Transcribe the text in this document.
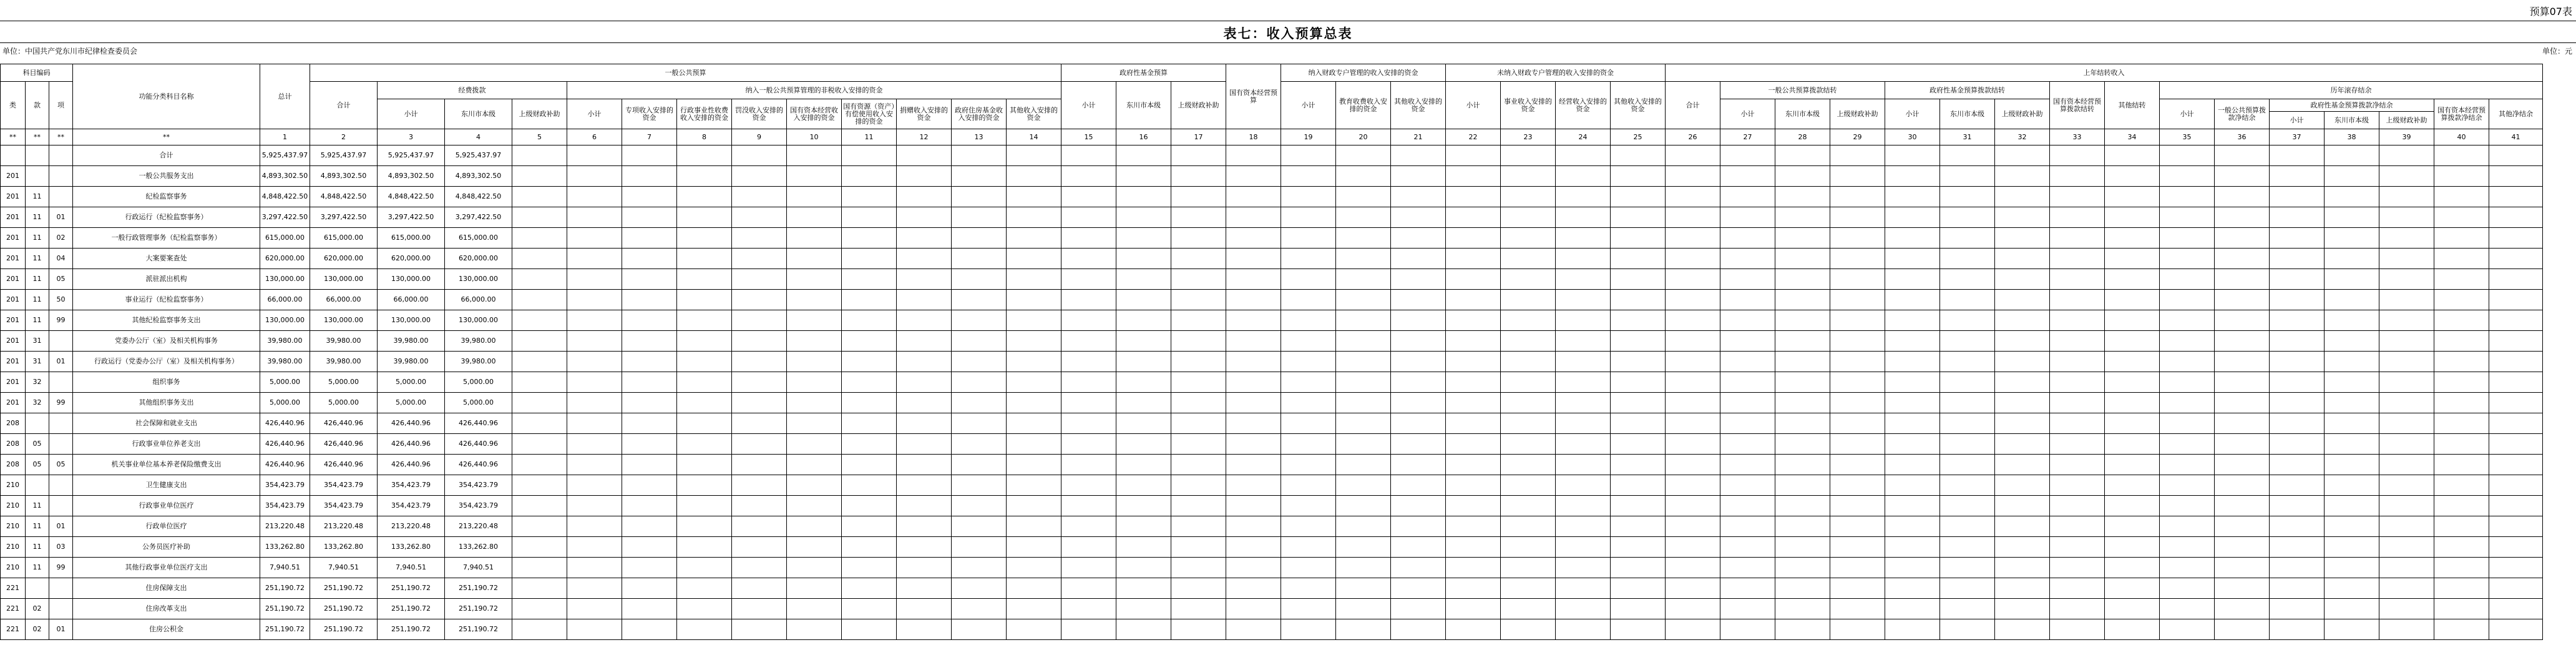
预算07表
表七：收入预算总表
单位：中国共产党东川市纪律检查委员会	单位：元
科目编码			功能分类科目名称	总计	一般公共预算													政府性基金预算			国有资本经营预算	纳入财政专户管理的收入安排的资金			未纳入财政专户管理的收入安排的资金				上年结转收入															
类	款	项			合计	经费拨款			纳入一般公共预算管理的非税收入安排的资金									小计	东川市本级	上级财政补助		小计	教育收费收入安排的资金	其他收入安排的资金	小计	事业收入安排的资金	经营收入安排的资金	其他收入安排的资金	合计	一般公共预算拨款结转			政府性基金预算拨款结转			国有资本经营预算拨款结转	其他结转	历年滚存结余						
						小计	东川市本级	上级财政补助	小计	专项收入安排的资金	行政事业性收费收入安排的资金	罚没收入安排的资金	国有资本经营收入安排的资金	国有资源（资产）有偿使用收入安排的资金	捐赠收入安排的资金	政府住房基金收入安排的资金	其他收入安排的资金													小计	东川市本级	上级财政补助	小计	东川市本级	上级财政补助			小计	一般公共预算拨款净结余	政府性基金预算拨款净结余			国有资本经营预算拨款净结余	其他净结余
																																								小计	东川市本级	上级财政补助		
**	**	**	**	1	2	3	4	5	6	7	8	9	10	11	12	13	14	15	16	17	18	19	20	21	22	23	24	25	26	27	28	29	30	31	32	33	34	35	36	37	38	39	40	41
			合计	5,925,437.97	5,925,437.97	5,925,437.97	5,925,437.97																																					
201			一般公共服务支出	4,893,302.50	4,893,302.50	4,893,302.50	4,893,302.50																																					
201	11		纪检监察事务	4,848,422.50	4,848,422.50	4,848,422.50	4,848,422.50																																					
201	11	01	行政运行（纪检监察事务）	3,297,422.50	3,297,422.50	3,297,422.50	3,297,422.50																																					
201	11	02	一般行政管理事务（纪检监察事务）	615,000.00	615,000.00	615,000.00	615,000.00																																					
201	11	04	大案要案查处	620,000.00	620,000.00	620,000.00	620,000.00																																					
201	11	05	派驻派出机构	130,000.00	130,000.00	130,000.00	130,000.00																																					
201	11	50	事业运行（纪检监察事务）	66,000.00	66,000.00	66,000.00	66,000.00																																					
201	11	99	其他纪检监察事务支出	130,000.00	130,000.00	130,000.00	130,000.00																																					
201	31		党委办公厅（室）及相关机构事务	39,980.00	39,980.00	39,980.00	39,980.00																																					
201	31	01	行政运行（党委办公厅（室）及相关机构事务）	39,980.00	39,980.00	39,980.00	39,980.00																																					
201	32		组织事务	5,000.00	5,000.00	5,000.00	5,000.00																																					
201	32	99	其他组织事务支出	5,000.00	5,000.00	5,000.00	5,000.00																																					
208			社会保障和就业支出	426,440.96	426,440.96	426,440.96	426,440.96																																					
208	05		行政事业单位养老支出	426,440.96	426,440.96	426,440.96	426,440.96																																					
208	05	05	机关事业单位基本养老保险缴费支出	426,440.96	426,440.96	426,440.96	426,440.96																																					
210			卫生健康支出	354,423.79	354,423.79	354,423.79	354,423.79																																					
210	11		行政事业单位医疗	354,423.79	354,423.79	354,423.79	354,423.79																																					
210	11	01	行政单位医疗	213,220.48	213,220.48	213,220.48	213,220.48																																					
210	11	03	公务员医疗补助	133,262.80	133,262.80	133,262.80	133,262.80																																					
210	11	99	其他行政事业单位医疗支出	7,940.51	7,940.51	7,940.51	7,940.51																																					
221			住房保障支出	251,190.72	251,190.72	251,190.72	251,190.72																																					
221	02		住房改革支出	251,190.72	251,190.72	251,190.72	251,190.72																																					
221	02	01	住房公积金	251,190.72	251,190.72	251,190.72	251,190.72																																					
